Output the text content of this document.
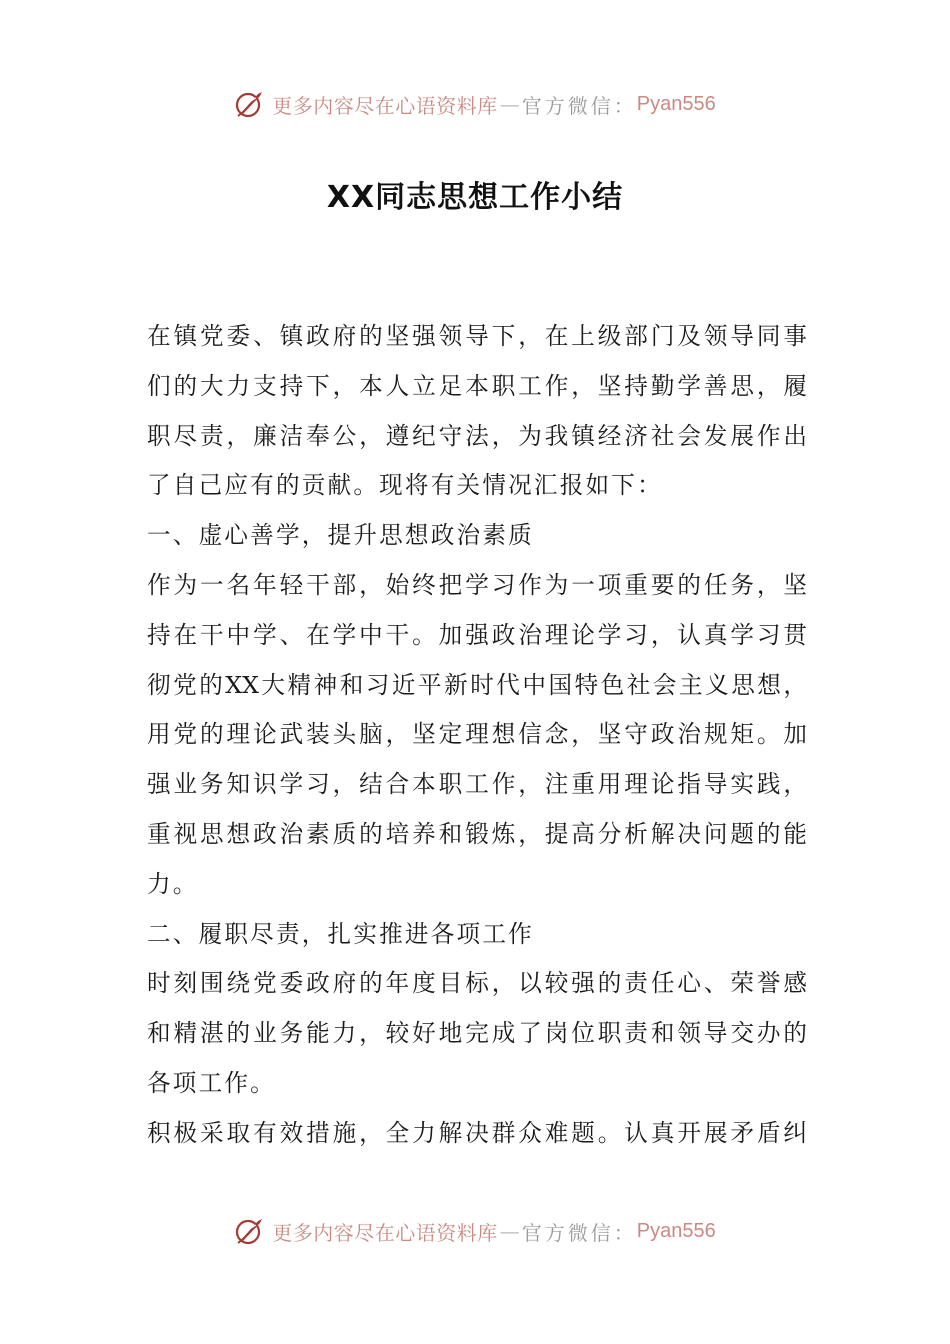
更多内容尽在心语资料库 — 官方微信： Pyan556
XX同志思想工作小结
在镇党委、镇政府的坚强领导下，在上级部门及领导同事
们的大力支持下，本人立足本职工作，坚持勤学善思，履
职尽责，廉洁奉公，遵纪守法，为我镇经济社会发展作出
了自己应有的贡献。现将有关情况汇报如下：
一、虚心善学，提升思想政治素质
作为一名年轻干部，始终把学习作为一项重要的任务，坚
持在干中学、在学中干。加强政治理论学习，认真学习贯
彻党的XX大精神和习近平新时代中国特色社会主义思想，
用党的理论武装头脑，坚定理想信念，坚守政治规矩。加
强业务知识学习，结合本职工作，注重用理论指导实践，
重视思想政治素质的培养和锻炼，提高分析解决问题的能
力。
二、履职尽责，扎实推进各项工作
时刻围绕党委政府的年度目标，以较强的责任心、荣誉感
和精湛的业务能力，较好地完成了岗位职责和领导交办的
各项工作。
积极采取有效措施，全力解决群众难题。认真开展矛盾纠
更多内容尽在心语资料库 — 官方微信： Pyan556
